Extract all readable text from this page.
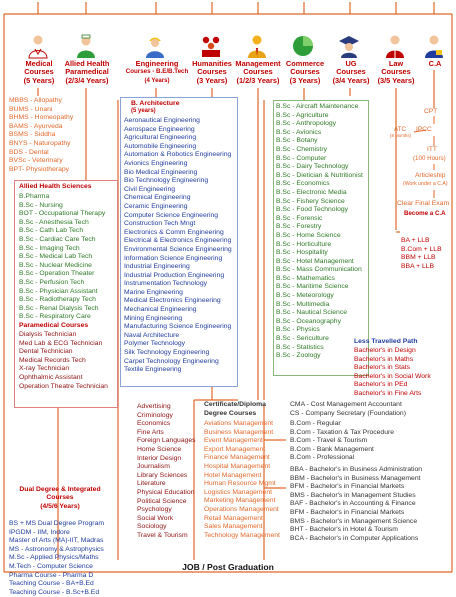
Medical
Courses
(5 Years)
Allied Health
Paramedical
(2/3/4 Years)
Engineering
Courses - B.E/B.Tech
(4 Years)
Humanities
Courses
(3 Years)
Management
Courses
(1/2/3 Years)
Commerce
Courses
(3 Years)
UG
Courses
(3/4 Years)
Law
Courses
(3/5 Years)
C.A
MBBS - Allopathy
BUMS - Unani
BHMS - Homeopathy
BAMS - Ayurveda
BSMS - Siddha
BNYS - Naturopathy
BDS - Dental
BVSc - Veterinary
BPT- Physiotherapy
Allied Health Sciences
B.Pharma
B.Sc - Nursing
BOT - Occupational Therapy
B.Sc - Anesthesia Tech
B.Sc - Cath Lab Tech
B.Sc - Cardiac Care Tech
B.Sc - Imaging Tech
B.Sc - Medical Lab Tech
B.Sc - Nuclear Medicine
B.Sc - Operation Theater
B.Sc - Perfusion Tech
B.Sc - Physician Assistant
B.Sc - Radiotherapy Tech
B.Sc - Renal Dialysis Tech
B.Sc - Respiratory Care
Paramedical Courses
Dialysis Technician
Med Lab & ECG Technician
Dental Technician
Medical Records Tech
X-ray Technician
Ophthalmic Assistant
Operation Theatre Technician
B. Architecture
(5 years)
Aeronautical Engineering
Aerospace Engineering
Agricultural Engineering
Automobile Engineering
Automation & Robotics Engineering
Avionics Engineering
Bio Medical Engineering
Bio Technology Engineering
Civil Engineering
Chemical Engineering
Ceramic Engineering
Computer Science Engineering
Construction Tech Mngt
Electronics & Comm Engineering
Electrical & Electronics Engineering
Environmental Science Engineering
Information Science Engineering
Industrial Engineering
Industrial Production Engineering
Instrumentation Technology
Marine Engineering
Medical Electronics Engineering
Mechanical Engineering
Mining Engineering
Manufacturing Science Engineering
Naval Architecture
Polymer Technology
Silk Technology Engineering
Carpet Technology Engineering
Textile Engineering
B.Sc - Aircraft Maintenance
B.Sc - Agriculture
B.Sc - Anthropology
B.Sc - Avionics
B.Sc - Botany
B.Sc - Chemistry
B.Sc - Computer
B.Sc - Dairy Technology
B.Sc - Dietician & Nutritionist
B.Sc - Economics
B.Sc - Electronic Media
B.Sc - Fishery Science
B.Sc - Food Technology
B.Sc - Forensic
B.Sc - Forestry
B.Sc - Home Science
B.Sc - Horticulture
B.Sc - Hospitality
B.Sc - Hotel Management
B.Sc - Mass Communication
B.Sc - Mathematics
B.Sc - Maritime Science
B.Sc - Meteorology
B.Sc - Multimedia
B.Sc - Nautical Science
B.Sc - Oceanography
B.Sc - Physics
B.Sc - Sericulture
B.Sc - Statistics
B.Sc - Zoology
Less Travelled Path
Bachelor's in Design
Bachelor's in Maths
Bachelor's in Stats
Bachelor's in Social Work
Bachelor's in PEd
Bachelor's in Fine Arts
CPT
ATC
(8 Months)
IPCC
ITT
(100 Hours)
Articleship
(Work under a C.A)
Clear Final Exam
Become a C.A
BA + LLB
B.Com + LLB
BBM + LLB
BBA + LLB
Advertising
Criminology
Economics
Fine Arts
Foreign Languages
Home Science
Interior Design
Journalism
Library Sciences
Literature
Physical Education
Political Science
Psychology
Social Work
Sociology
Travel & Tourism
Certificate/Diploma
Degree Courses
Aviations Management
Business Management
Event Management
Export Management
Finance Management
Hospital Management
Hotel Management
Human Resource Mgmt
Logistics Management
Marketing Management
Operations Management
Retail Management
Sales Management
Technology Management
CMA - Cost Management Accountant
CS - Company Secretary (Foundation)
B.Com - Regular
B.Com - Taxation & Tax Procedure
B.Com - Travel & Tourism
B.Com - Bank Management
B.Com - Professional
BBA - Bachelor's in Business Administration
BBM - Bachelor's in Business Management
BFM - Bachelor's in Financial Markets
BMS - Bachelor's in Management Studies
BAF - Bachelor's in Accounting & Finance
BFM - Bachelor's in Financial Markets
BMS - Bachelor's in Management Science
BHT - Bachelor's in Hotel & Tourism
BCA - Bachelor's in Computer Applications
Dual Degree & Integrated
Courses
(4/5/6 Years)
BS + MS Dual Degree Program
IPGDM - IIM, Indore
Master of Arts (MA)-IIT, Madras
MS - Astronomy & Astrophysics
M.Sc - Applied Physics/Maths
M.Tech - Computer Science
Pharma Course - Pharma D
Teaching Course - BA+B.Ed
Teaching Course - B.Sc+B.Ed
JOB / Post Graduation
